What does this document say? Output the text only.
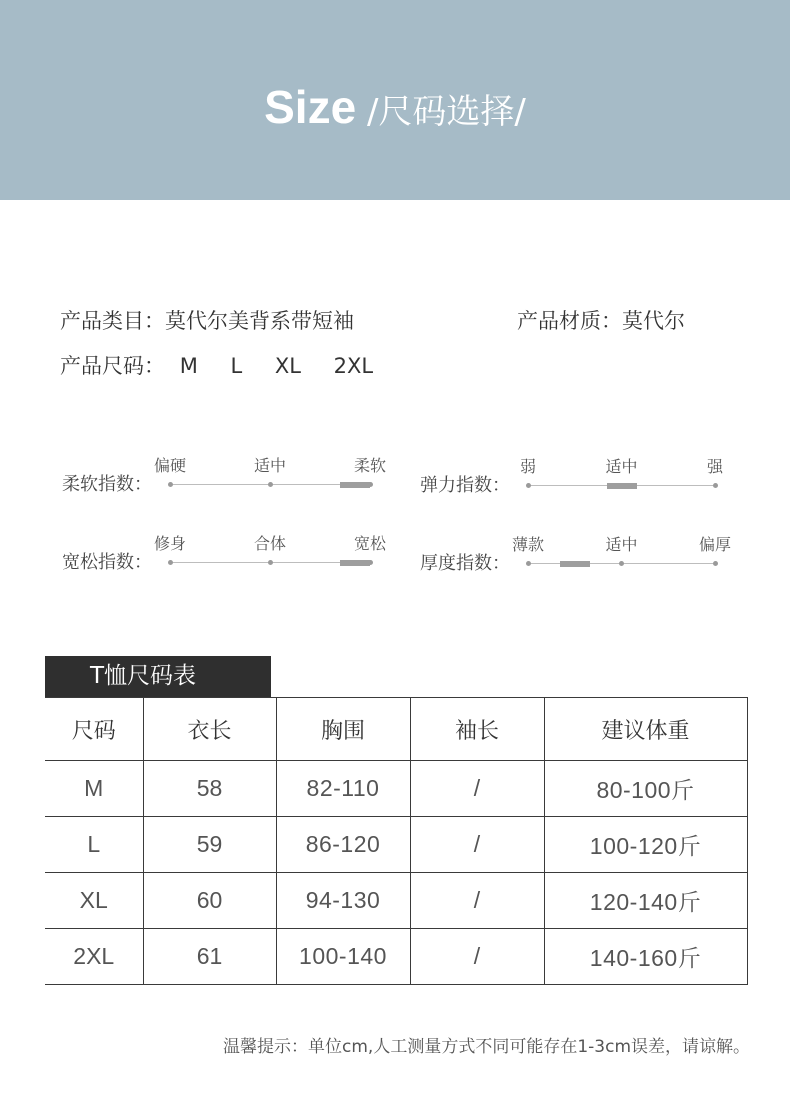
Size /尺码选择/
产品类目：莫代尔美背系带短袖	产品材质：莫代尔
产品尺码： M L XL 2XL
柔软指数：
偏硬	适中	柔软
弹力指数：
弱	适中	强
宽松指数：
修身	合体	宽松
厚度指数：
薄款	适中	偏厚
T恤尺码表
尺码	衣长	胸围	袖长	建议体重
M	58	82-110	/	80-100斤
L	59	86-120	/	100-120斤
XL	60	94-130	/	120-140斤
2XL	61	100-140	/	140-160斤
温馨提示：单位cm,人工测量方式不同可能存在1-3cm误差，请谅解。
